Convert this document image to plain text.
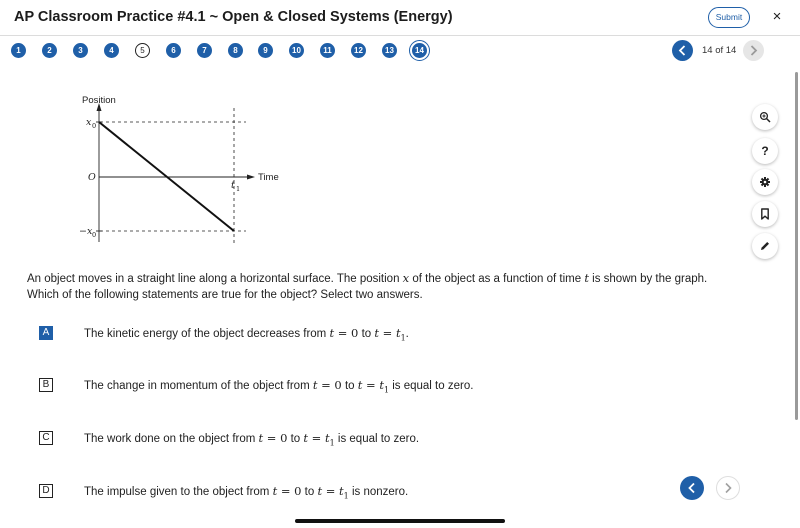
AP Classroom Practice #4.1 ~ Open & Closed Systems (Energy)	Submit	×
1	2	3	4	5	6	7	8	9	10	11	12	13	14	14 of 14
?
Position
Time
x 0
O
−x 0
t 1
An object moves in a straight line along a horizontal surface. The position x of the object as a function of time t is shown by the graph.
Which of the following statements are true for the object? Select two answers.
A	The kinetic energy of the object decreases from t = 0 to $t = t_1$.
B	The change in momentum of the object from t = 0 to $t = t_1$ is equal to zero.
C	The work done on the object from t = 0 to $t = t_1$ is equal to zero.
D	The impulse given to the object from t = 0 to $t = t_1$ is nonzero.
